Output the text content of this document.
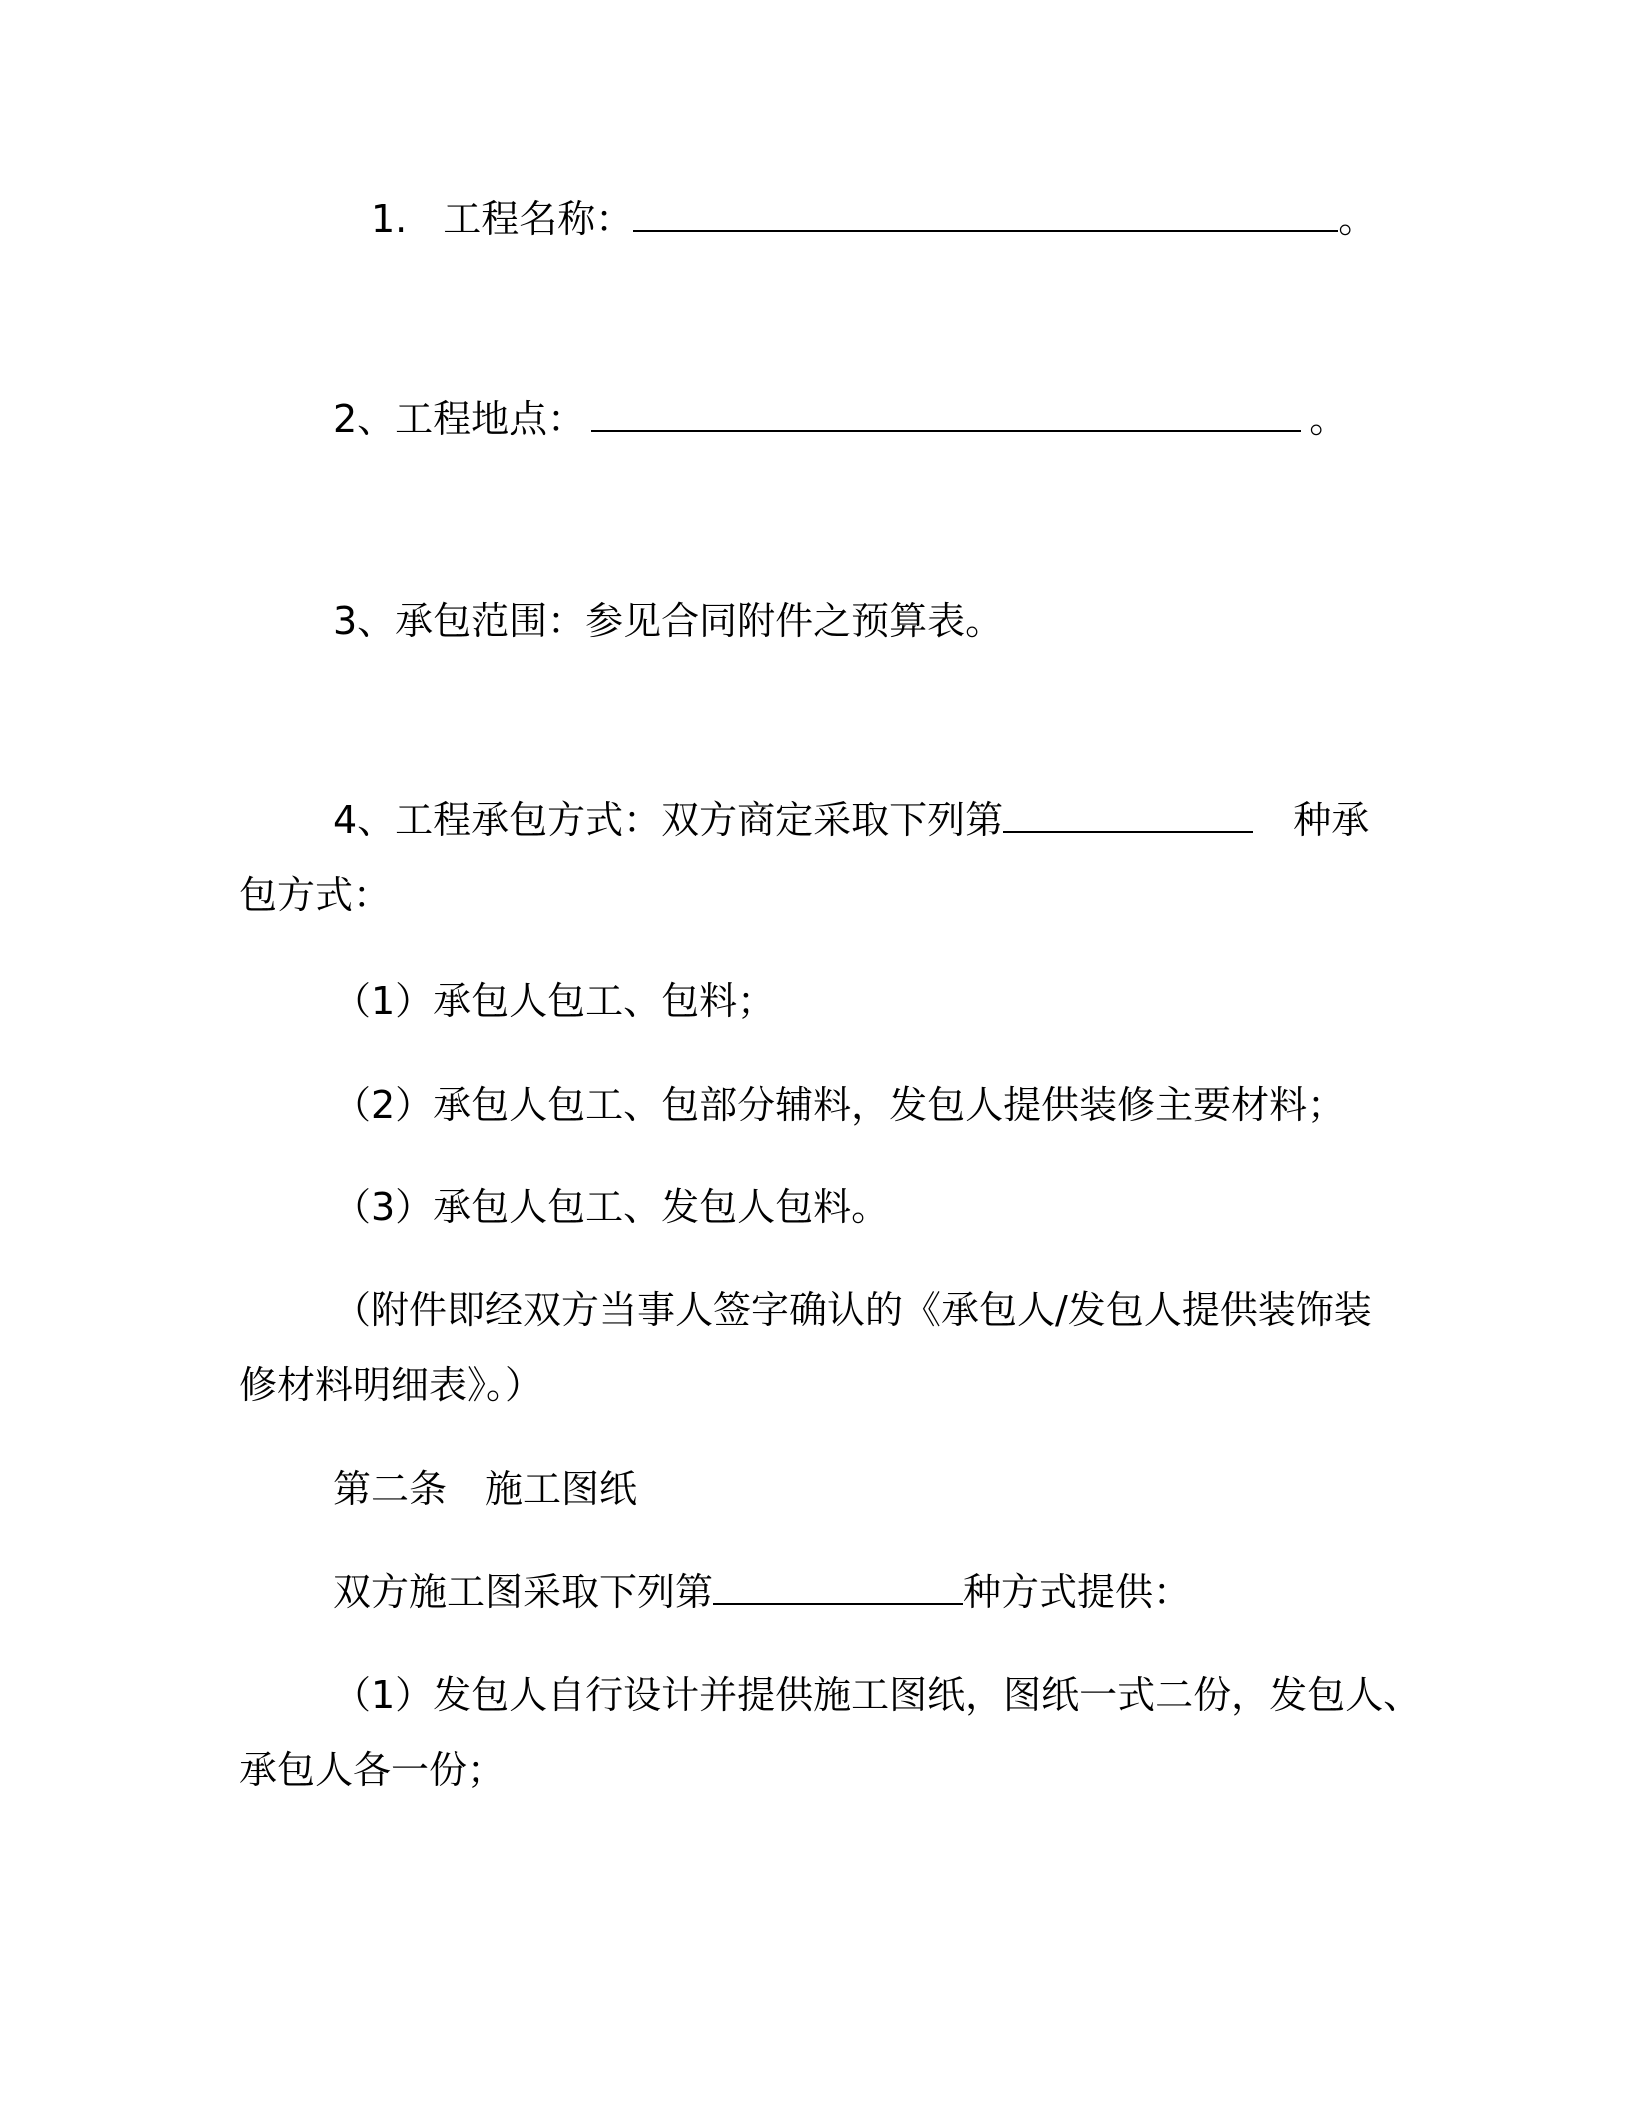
1. 工程名称：	。
2、工程地点：	。
3、承包范围：参见合同附件之预算表。
4、工程承包方式：双方商定采取下列第	种承
包方式：
（1）承包人包工、包料；
（2）承包人包工、包部分辅料，发包人提供装修主要材料；
（3）承包人包工、发包人包料。
（附件即经双方当事人签字确认的《承包人/发包人提供装饰装
修材料明细表》。）
第二条　施工图纸
双方施工图采取下列第	种方式提供：
（1）发包人自行设计并提供施工图纸，图纸一式二份，发包人、
承包人各一份；
